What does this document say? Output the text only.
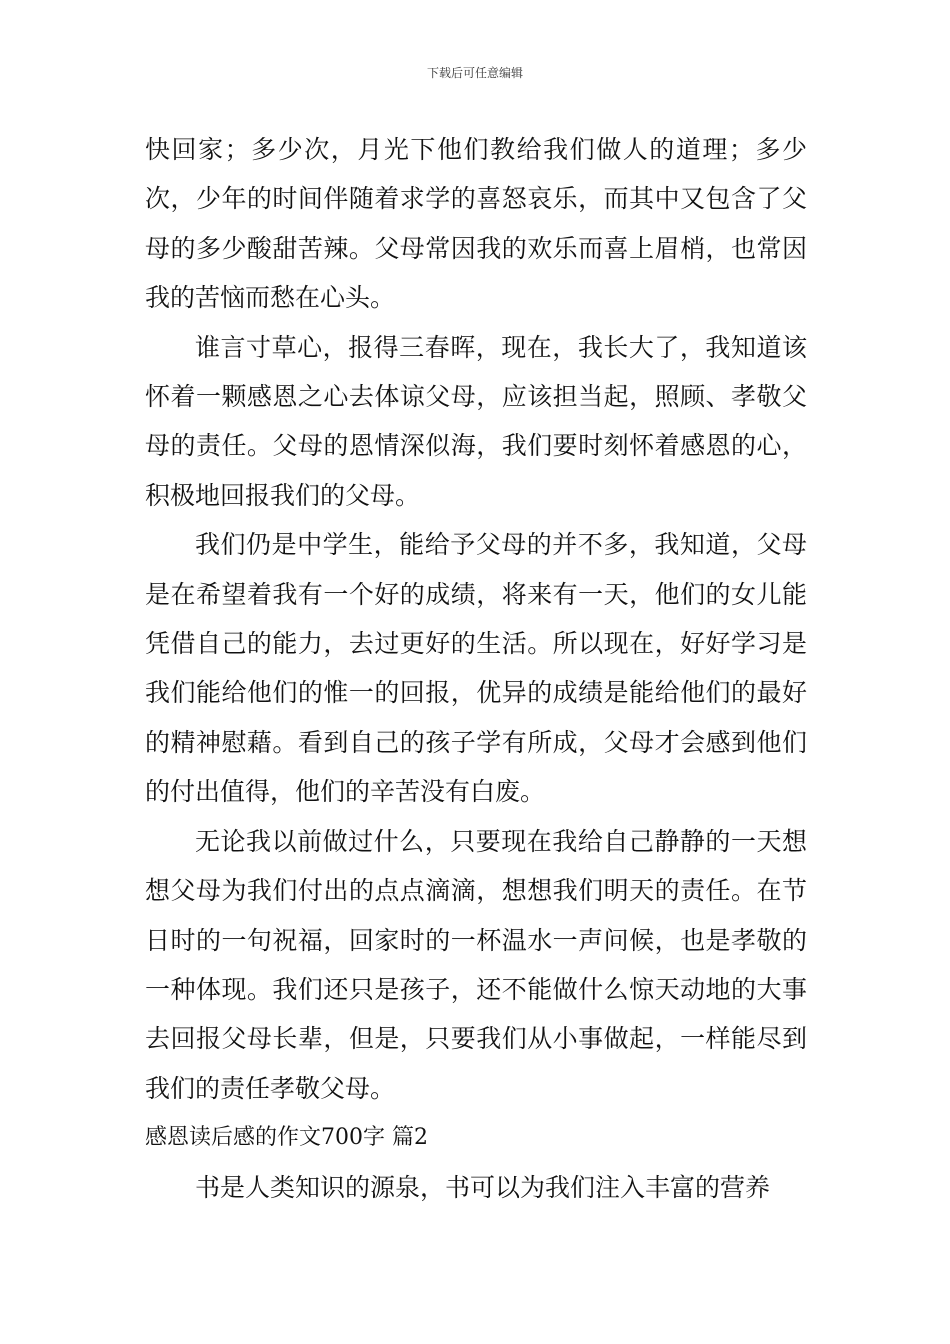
下载后可任意编辑

快回家；多少次，月光下他们教给我们做人的道理；多少次，少年的时间伴随着求学的喜怒哀乐，而其中又包含了父母的多少酸甜苦辣。父母常因我的欢乐而喜上眉梢，也常因我的苦恼而愁在心头。

谁言寸草心，报得三春晖，现在，我长大了，我知道该怀着一颗感恩之心去体谅父母，应该担当起，照顾、孝敬父母的责任。父母的恩情深似海，我们要时刻怀着感恩的心，积极地回报我们的父母。

我们仍是中学生，能给予父母的并不多，我知道，父母是在希望着我有一个好的成绩，将来有一天，他们的女儿能凭借自己的能力，去过更好的生活。所以现在，好好学习是我们能给他们的惟一的回报，优异的成绩是能给他们的最好的精神慰藉。看到自己的孩子学有所成，父母才会感到他们的付出值得，他们的辛苦没有白废。

无论我以前做过什么，只要现在我给自己静静的一天想想父母为我们付出的点点滴滴，想想我们明天的责任。在节日时的一句祝福，回家时的一杯温水一声问候，也是孝敬的一种体现。我们还只是孩子，还不能做什么惊天动地的大事去回报父母长辈，但是，只要我们从小事做起，一样能尽到我们的责任孝敬父母。

感恩读后感的作文700字 篇2

书是人类知识的源泉，书可以为我们注入丰富的营养
